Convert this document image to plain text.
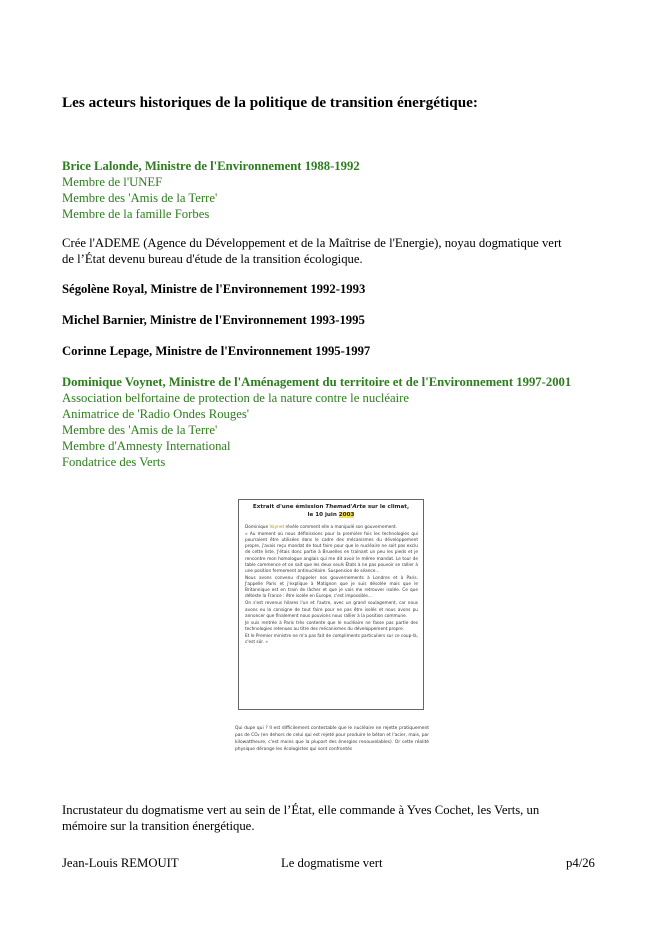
Les acteurs historiques de la politique de transition énergétique:
Brice Lalonde, Ministre de l'Environnement 1988-1992
Membre de l'UNEF
Membre des 'Amis de la Terre'
Membre de la famille Forbes
Crée l'ADEME (Agence du Développement et de la Maîtrise de l'Energie), noyau dogmatique vert
de l’État devenu bureau d'étude de la transition écologique.
Ségolène Royal, Ministre de l'Environnement 1992-1993
Michel Barnier, Ministre de l'Environnement 1993-1995
Corinne Lepage, Ministre de l'Environnement 1995-1997
Dominique Voynet, Ministre de l'Aménagement du territoire et de l'Environnement 1997-2001
Association belfortaine de protection de la nature contre le nucléaire
Animatrice de 'Radio Ondes Rouges'
Membre des 'Amis de la Terre'
Membre d'Amnesty International
Fondatrice des Verts
Extrait d'une émission Themad'Arte sur le climat,
le 10 juin 2003

Dominique Voynet révèle comment elle a manipulé son gouvernement.

« Au moment où nous définissions pour la première fois les technologies qui pourraient être utilisées dans le cadre des mécanismes du développement propre, j'avais reçu mandat de tout faire pour que le nucléaire ne soit pas exclu de cette liste. J'étais donc partie à Bruxelles en traînant un peu les pieds et je rencontre mon homologue anglais qui me dit avoir le même mandat. Le tour de table commence et on sait que les deux seuls États à ne pas pouvoir se rallier à une position fermement antinucléaire. Suspension de séance...

Nous avons convenu d'appeler nos gouvernements à Londres et à Paris. J'appelle Paris et j'explique à Matignon que je suis désolée mais que le Britannique est en train de lâcher et que je vais me retrouver isolée. Ce que déteste la France : être isolée en Europe, c'est impossible...

On s'est revenus hilares l'un et l'autre, avec un grand soulagement, car nous avons eu la consigne de tout faire pour ne pas être isolés et nous avons pu annoncer que finalement nous pouvions nous rallier à la position commune.

Je suis rentrée à Paris très contente que le nucléaire ne fasse pas partie des technologies retenues au titre des mécanismes du développement propre.

Et le Premier ministre ne m'a pas fait de compliments particuliers sur ce coup-là, c'est sûr. »

Qui dupe qui ? Il est difficilement contestable que le nucléaire ne rejette pratiquement pas de CO₂ (en dehors de celui qui est rejeté pour produire le béton et l'acier, mais, par kilowattheure, c'est moins que la plupart des énergies renouvelables). Or cette réalité physique dérange les écologistes qui sont confrontés
Incrustateur du dogmatisme vert au sein de l’État, elle commande à Yves Cochet, les Verts, un
mémoire sur la transition énergétique.
Jean-Louis REMOUIT	Le dogmatisme vert	p4/26
